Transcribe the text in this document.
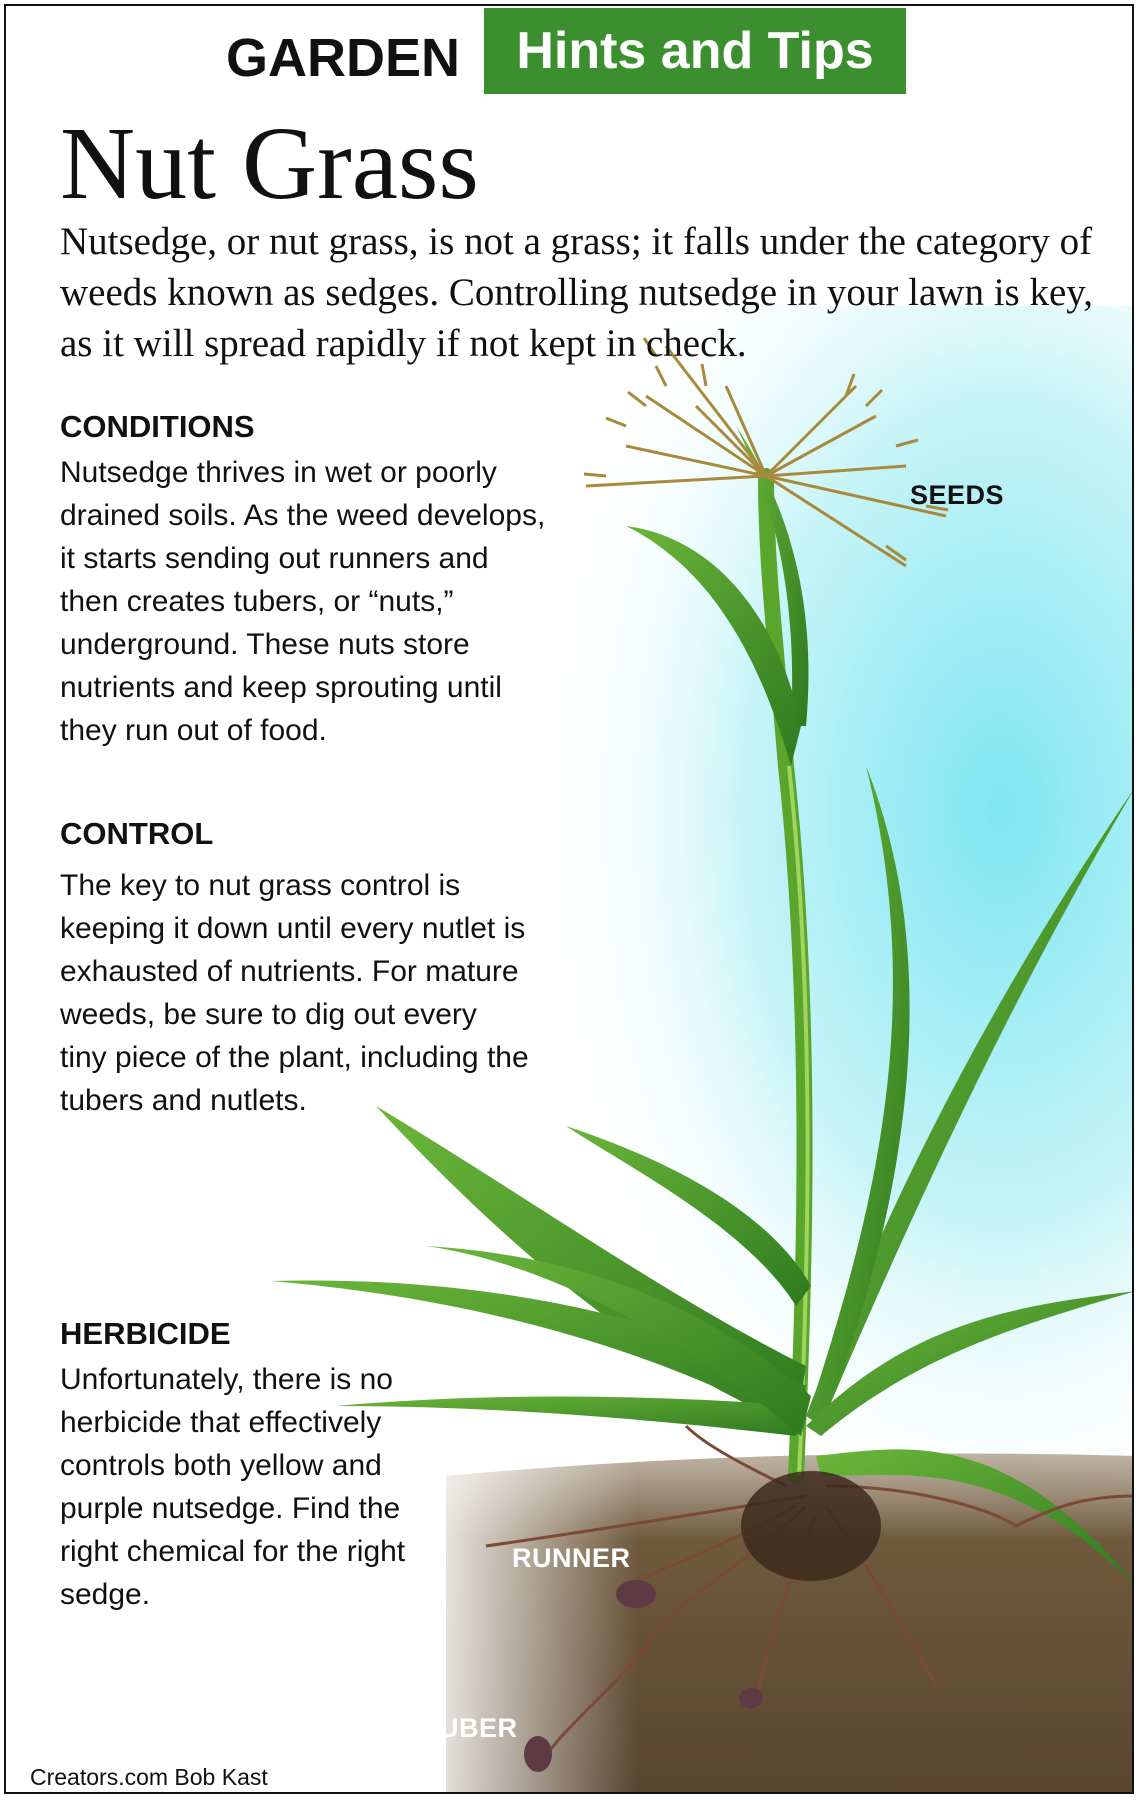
GARDEN	Hints and Tips
Nut Grass
Nutsedge, or nut grass, is not a grass; it falls under the category of weeds known as sedges. Controlling nutsedge in your lawn is key, as it will spread rapidly if not kept in check.
CONDITIONS
Nutsedge thrives in wet or poorly drained soils. As the weed develops, it starts sending out runners and then creates tubers, or “nuts,” underground. These nuts store nutrients and keep sprouting until they run out of food.
CONTROL
The key to nut grass control is keeping it down until every nutlet is exhausted of nutrients. For mature weeds, be sure to dig out every tiny piece of the plant, including the tubers and nutlets.
HERBICIDE
Unfortunately, there is no herbicide that effectively controls both yellow and purple nutsedge. Find the right chemical for the right sedge.
SEEDS
RUNNER
TUBER
Creators.com Bob Kast
